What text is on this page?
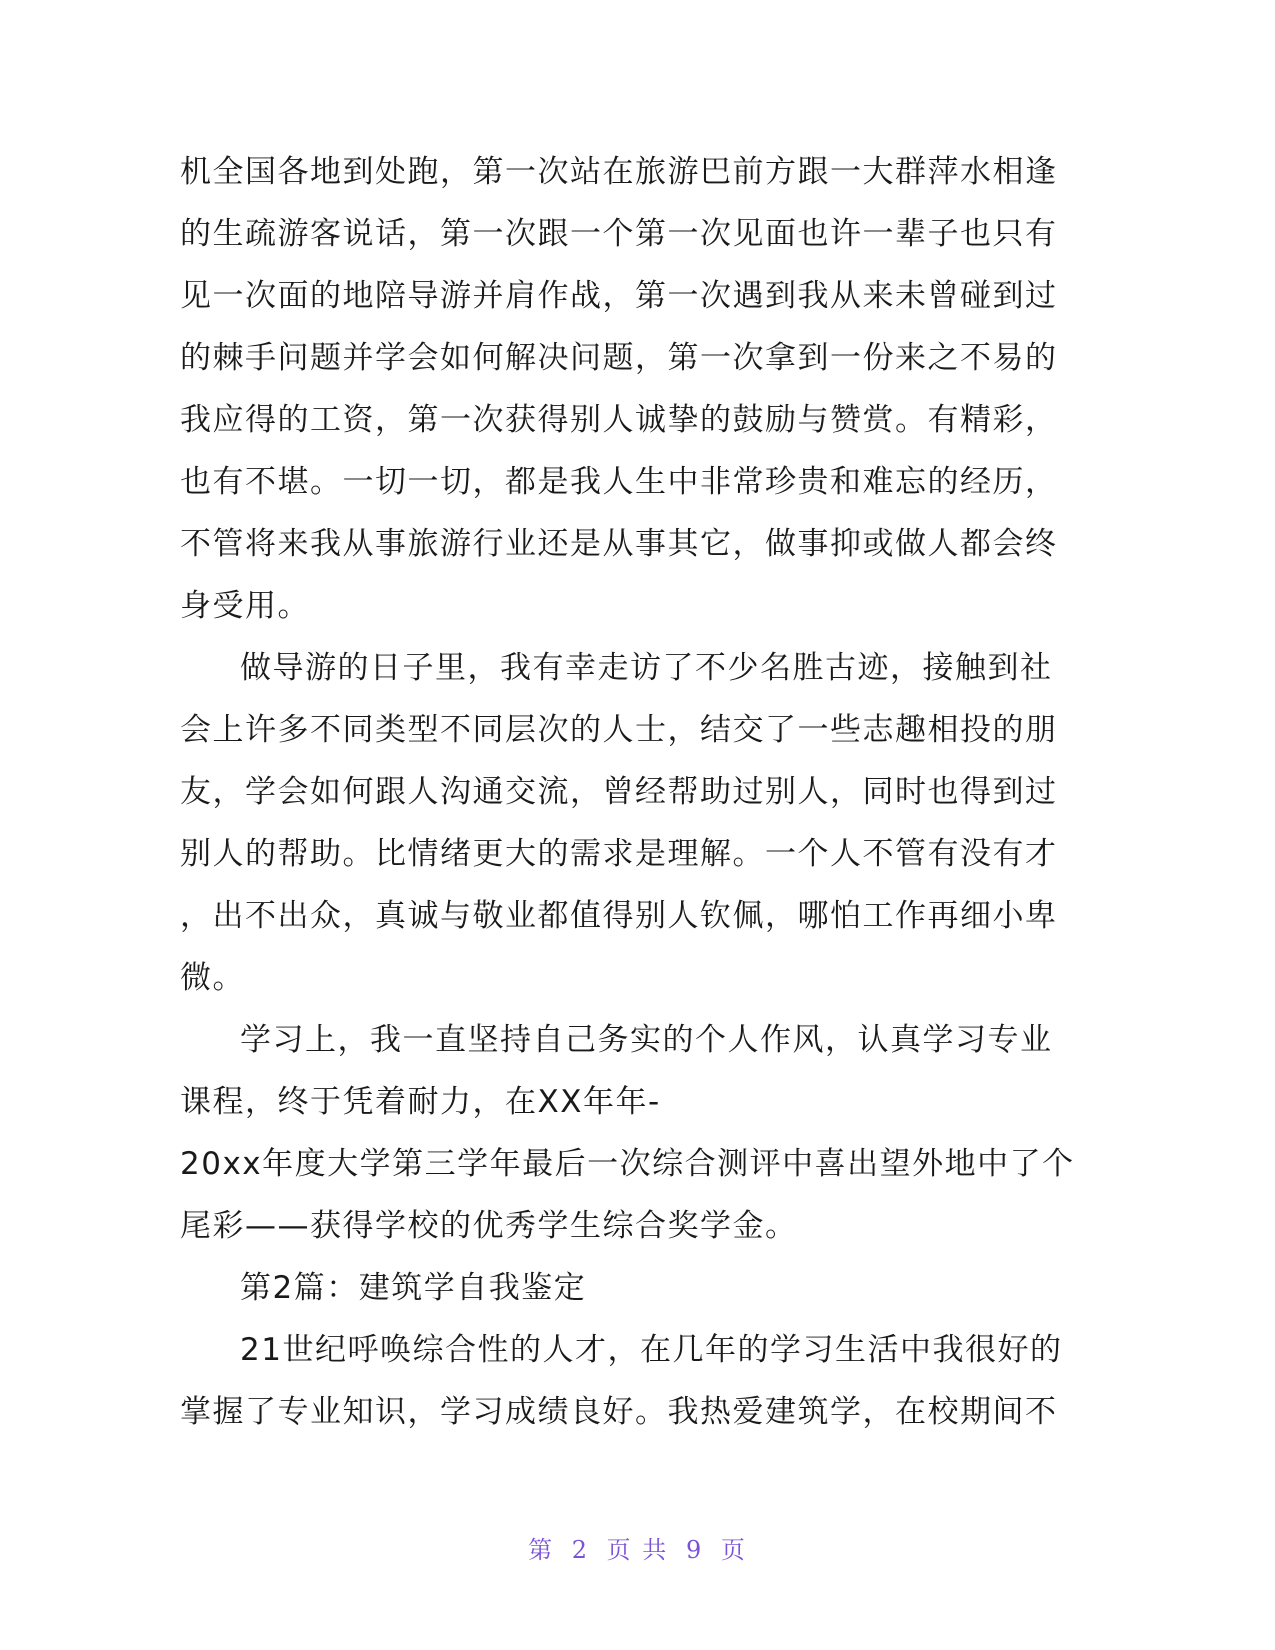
机全国各地到处跑，第一次站在旅游巴前方跟一大群萍水相逢
的生疏游客说话，第一次跟一个第一次见面也许一辈子也只有
见一次面的地陪导游并肩作战，第一次遇到我从来未曾碰到过
的棘手问题并学会如何解决问题，第一次拿到一份来之不易的
我应得的工资，第一次获得别人诚挚的鼓励与赞赏。有精彩，
也有不堪。一切一切，都是我人生中非常珍贵和难忘的经历，
不管将来我从事旅游行业还是从事其它，做事抑或做人都会终
身受用。
做导游的日子里，我有幸走访了不少名胜古迹，接触到社
会上许多不同类型不同层次的人士，结交了一些志趣相投的朋
友，学会如何跟人沟通交流，曾经帮助过别人，同时也得到过
别人的帮助。比情绪更大的需求是理解。一个人不管有没有才
，出不出众，真诚与敬业都值得别人钦佩，哪怕工作再细小卑
微。
学习上，我一直坚持自己务实的个人作风，认真学习专业
课程，终于凭着耐力，在XX年年-
20xx年度大学第三学年最后一次综合测评中喜出望外地中了个
尾彩——获得学校的优秀学生综合奖学金。
第2篇：建筑学自我鉴定
21世纪呼唤综合性的人才，在几年的学习生活中我很好的
掌握了专业知识，学习成绩良好。我热爱建筑学，在校期间不
第 2 页 共 9 页
